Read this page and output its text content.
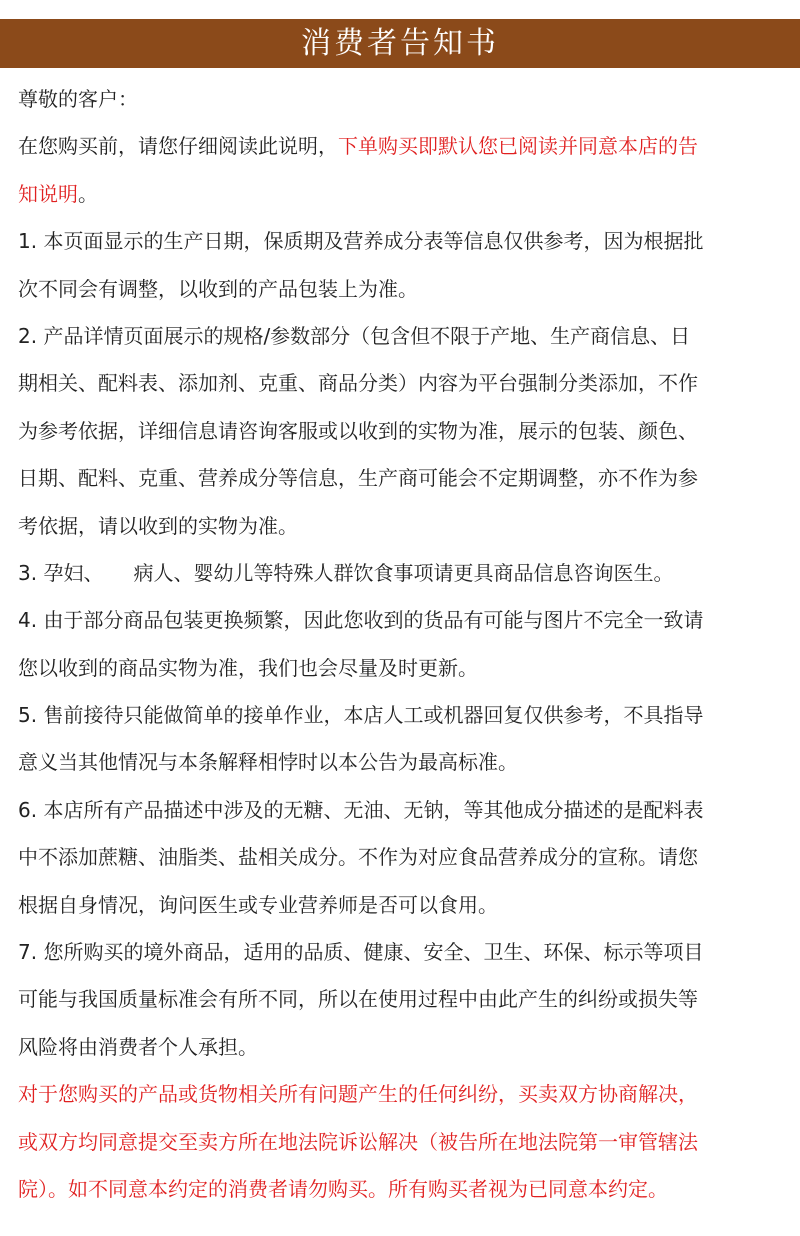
消费者告知书
尊敬的客户：
在您购买前，请您仔细阅读此说明，下单购买即默认您已阅读并同意本店的告
知说明。
1. 本页面显示的生产日期，保质期及营养成分表等信息仅供参考，因为根据批
次不同会有调整，以收到的产品包装上为准。
2. 产品详情页面展示的规格/参数部分（包含但不限于产地、生产商信息、日
期相关、配料表、添加剂、克重、商品分类）内容为平台强制分类添加，不作
为参考依据，详细信息请咨询客服或以收到的实物为准，展示的包装、颜色、
日期、配料、克重、营养成分等信息，生产商可能会不定期调整，亦不作为参
考依据，请以收到的实物为准。
3. 孕妇、　　病人、婴幼儿等特殊人群饮食事项请更具商品信息咨询医生。
4. 由于部分商品包装更换频繁，因此您收到的货品有可能与图片不完全一致请
您以收到的商品实物为准，我们也会尽量及时更新。
5. 售前接待只能做简单的接单作业，本店人工或机器回复仅供参考，不具指导
意义当其他情况与本条解释相悖时以本公告为最高标准。
6. 本店所有产品描述中涉及的无糖、无油、无钠，等其他成分描述的是配料表
中不添加蔗糖、油脂类、盐相关成分。不作为对应食品营养成分的宣称。请您
根据自身情况，询问医生或专业营养师是否可以食用。
7. 您所购买的境外商品，适用的品质、健康、安全、卫生、环保、标示等项目
可能与我国质量标准会有所不同，所以在使用过程中由此产生的纠纷或损失等
风险将由消费者个人承担。
对于您购买的产品或货物相关所有问题产生的任何纠纷，买卖双方协商解决，
或双方均同意提交至卖方所在地法院诉讼解决（被告所在地法院第一审管辖法
院）。如不同意本约定的消费者请勿购买。所有购买者视为已同意本约定。
